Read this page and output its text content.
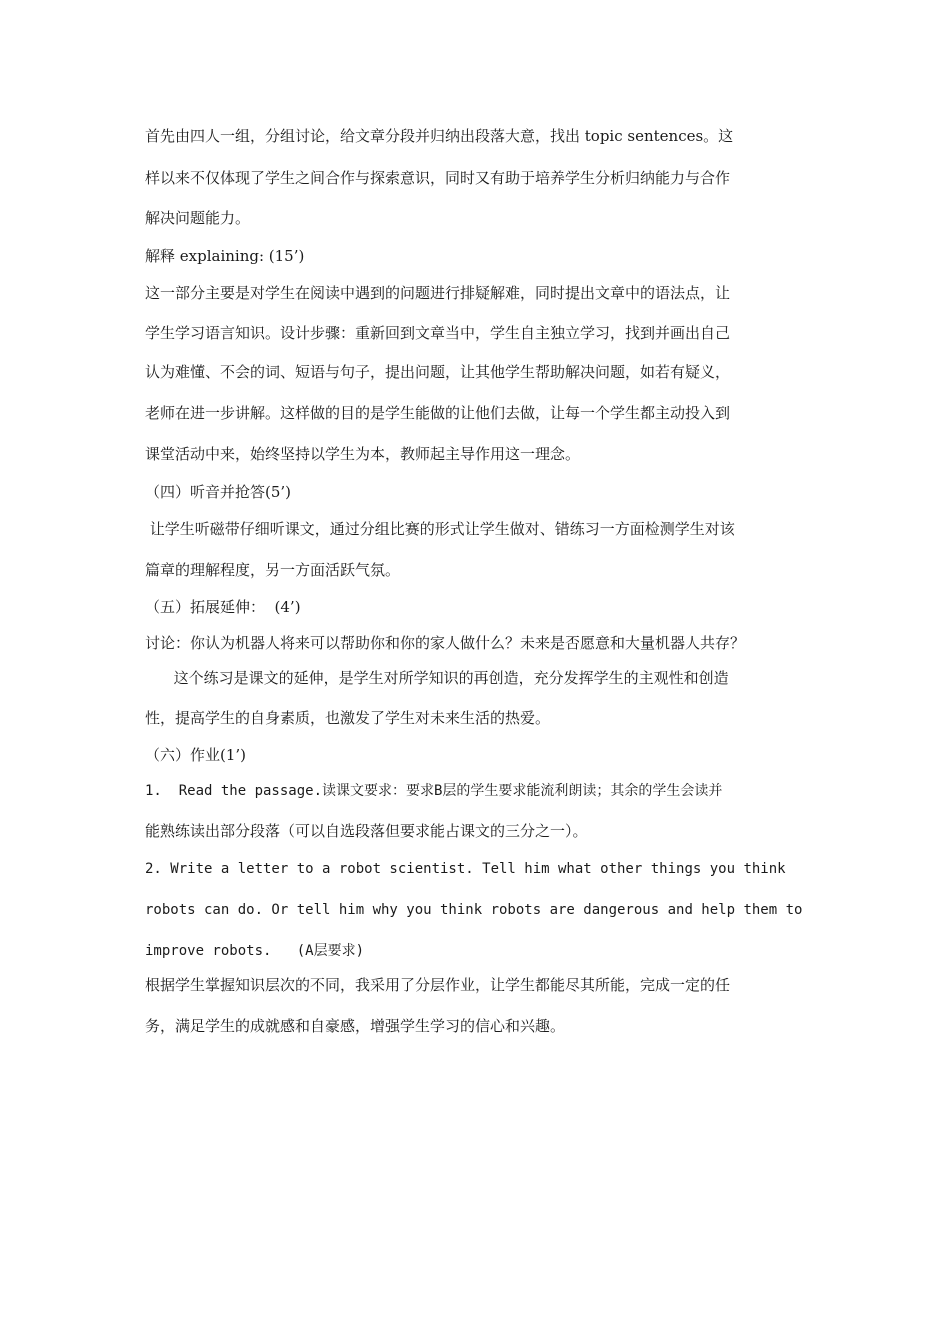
首先由四人一组，分组讨论，给文章分段并归纳出段落大意，找出 topic sentences。这
样以来不仅体现了学生之间合作与探索意识，同时又有助于培养学生分析归纳能力与合作
解决问题能力。
解释 explaining: (15’)
这一部分主要是对学生在阅读中遇到的问题进行排疑解难，同时提出文章中的语法点，让
学生学习语言知识。设计步骤：重新回到文章当中，学生自主独立学习，找到并画出自己
认为难懂、不会的词、短语与句子，提出问题，让其他学生帮助解决问题，如若有疑义，
老师在进一步讲解。这样做的目的是学生能做的让他们去做，让每一个学生都主动投入到
课堂活动中来，始终坚持以学生为本，教师起主导作用这一理念。
（四）听音并抢答(5’)
让学生听磁带仔细听课文，通过分组比赛的形式让学生做对、错练习一方面检测学生对该
篇章的理解程度，另一方面活跃气氛。
（五）拓展延伸：  (4’)
讨论：你认为机器人将来可以帮助你和你的家人做什么？未来是否愿意和大量机器人共存？
这个练习是课文的延伸，是学生对所学知识的再创造，充分发挥学生的主观性和创造
性，提高学生的自身素质，也激发了学生对未来生活的热爱。
（六）作业(1’)
1.  Read the passage.读课文要求：要求B层的学生要求能流利朗读；其余的学生会读并
能熟练读出部分段落（可以自选段落但要求能占课文的三分之一）。
2. Write a letter to a robot scientist. Tell him what other things you think
robots can do. Or tell him why you think robots are dangerous and help them to
improve robots.   (A层要求)
根据学生掌握知识层次的不同，我采用了分层作业，让学生都能尽其所能，完成一定的任
务，满足学生的成就感和自豪感，增强学生学习的信心和兴趣。
